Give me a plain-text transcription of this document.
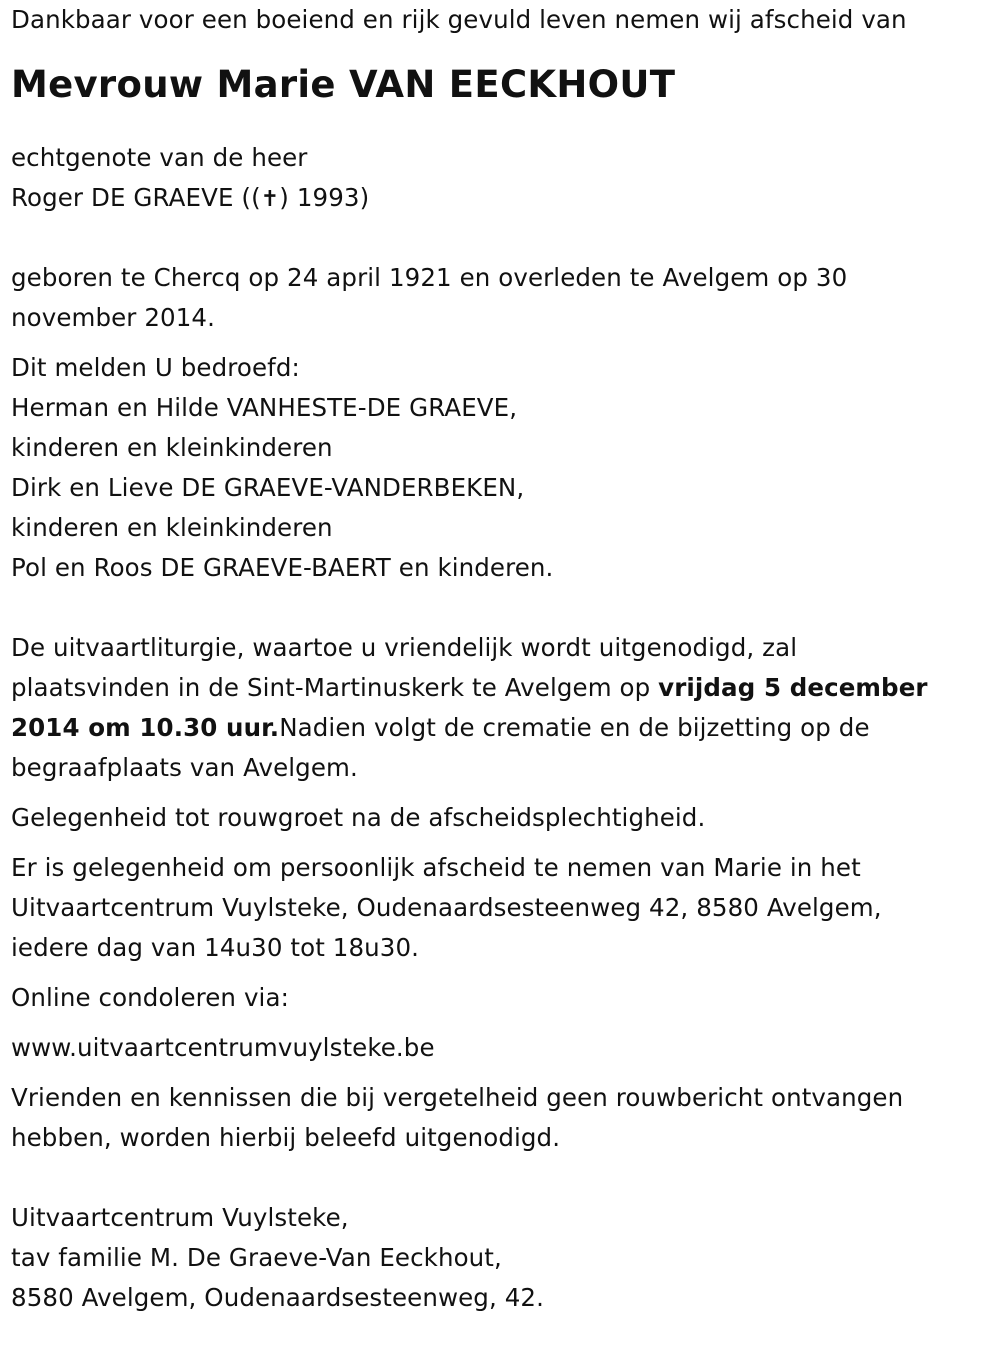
Dankbaar voor een boeiend en rijk gevuld leven nemen wij afscheid van
Mevrouw Marie VAN EECKHOUT
echtgenote van de heer
Roger DE GRAEVE ((✝) 1993)
geboren te Chercq op 24 april 1921 en overleden te Avelgem op 30
november 2014.
Dit melden U bedroefd:
Herman en Hilde VANHESTE-DE GRAEVE,
kinderen en kleinkinderen
Dirk en Lieve DE GRAEVE-VANDERBEKEN,
kinderen en kleinkinderen
Pol en Roos DE GRAEVE-BAERT en kinderen.
De uitvaartliturgie, waartoe u vriendelijk wordt uitgenodigd, zal
plaatsvinden in de Sint-Martinuskerk te Avelgem op vrijdag 5 december
2014 om 10.30 uur.Nadien volgt de crematie en de bijzetting op de
begraafplaats van Avelgem.
Gelegenheid tot rouwgroet na de afscheidsplechtigheid.
Er is gelegenheid om persoonlijk afscheid te nemen van Marie in het
Uitvaartcentrum Vuylsteke, Oudenaardsesteenweg 42, 8580 Avelgem,
iedere dag van 14u30 tot 18u30.
Online condoleren via:
www.uitvaartcentrumvuylsteke.be
Vrienden en kennissen die bij vergetelheid geen rouwbericht ontvangen
hebben, worden hierbij beleefd uitgenodigd.
Uitvaartcentrum Vuylsteke,
tav familie M. De Graeve-Van Eeckhout,
8580 Avelgem, Oudenaardsesteenweg, 42.
